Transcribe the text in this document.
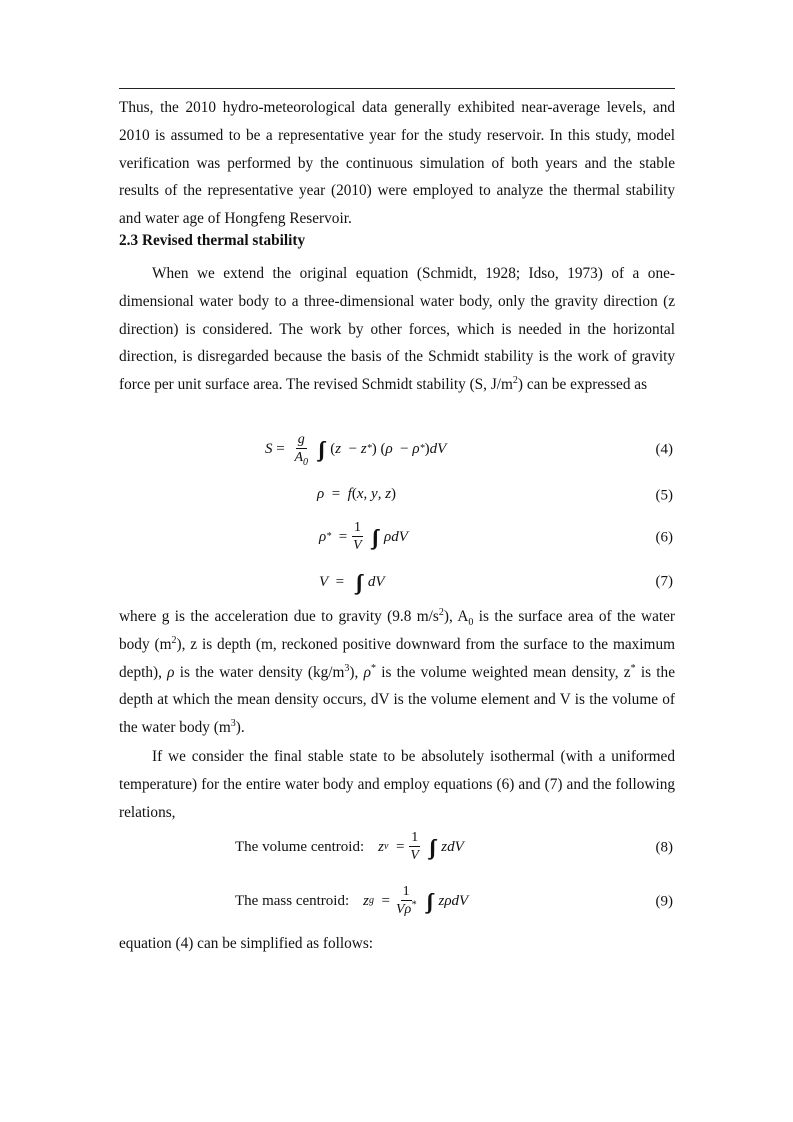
Thus, the 2010 hydro-meteorological data generally exhibited near-average levels, and 2010 is assumed to be a representative year for the study reservoir. In this study, model verification was performed by the continuous simulation of both years and the stable results of the representative year (2010) were employed to analyze the thermal stability and water age of Hongfeng Reservoir.

2.3 Revised thermal stability

When we extend the original equation (Schmidt, 1928; Idso, 1973) of a one-dimensional water body to a three-dimensional water body, only the gravity direction (z direction) is considered. The work by other forces, which is needed in the horizontal direction, is disregarded because the basis of the Schmidt stability is the work of gravity force per unit surface area. The revised Schmidt stability (S, $J/m^2$) can be expressed as

$S = \frac{g}{A_0}$ ∫∫∫ ( z − z * ) ( ρ − ρ * ) dV	(4)
ρ = f ( x , y , z )	(5)
ρ * = $\frac{1}{V}$ ∫∫∫ ρdV	(6)
V = ∫∫∫ dV	(7)

where g is the acceleration due to gravity (9.8 $m/s^2$), $A_0$ is the surface area of the water body $(m^2)$, z is depth (m, reckoned positive downward from the surface to the maximum depth), ρ is the water density $(kg/m^3)$, ρ* is the volume weighted mean density, z* is the depth at which the mean density occurs, dV is the volume element and V is the volume of the water body $(m^3)$.

If we consider the final stable state to be absolutely isothermal (with a uniformed temperature) for the entire water body and employ equations (6) and (7) and the following relations,

The volume centroid: z $v = \frac{1}{V}$ ∫∫∫ zdV	(8)
The mass centroid: z $g = \frac{1}{V\rho^*}$ ∫∫∫ zρdV	(9)

equation (4) can be simplified as follows:
